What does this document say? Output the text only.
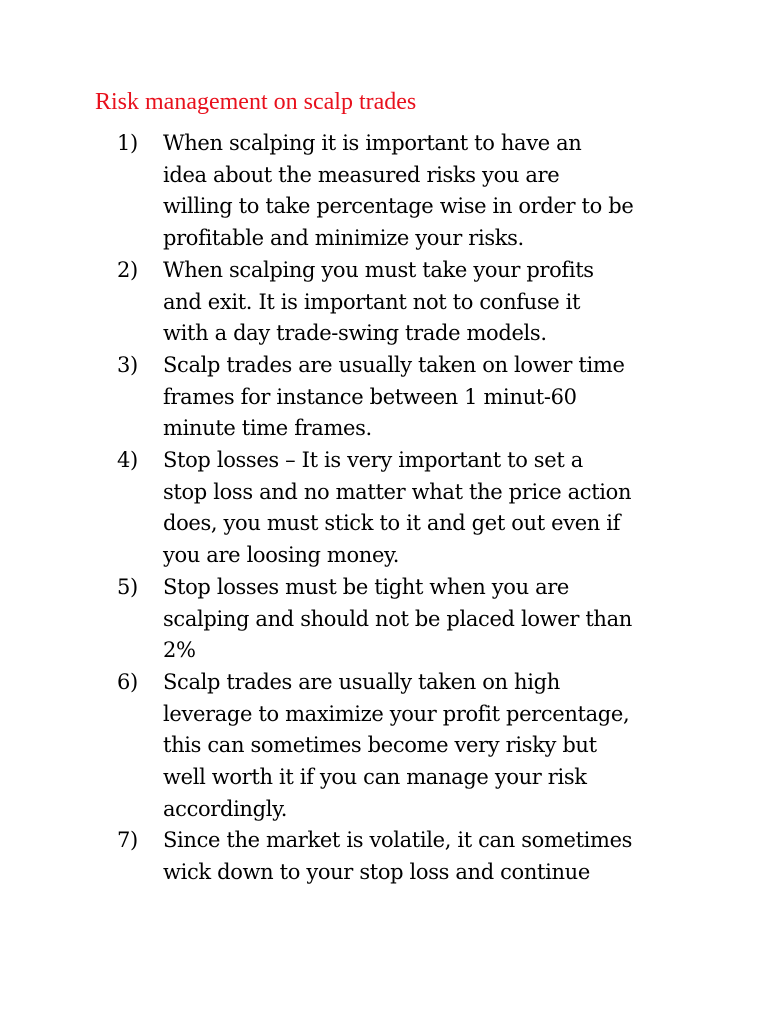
Risk management on scalp trades
1) When scalping it is important to have an
idea about the measured risks you are
willing to take percentage wise in order to be
profitable and minimize your risks.
2) When scalping you must take your profits
and exit. It is important not to confuse it
with a day trade-swing trade models.
3) Scalp trades are usually taken on lower time
frames for instance between 1 minut-60
minute time frames.
4) Stop losses – It is very important to set a
stop loss and no matter what the price action
does, you must stick to it and get out even if
you are loosing money.
5) Stop losses must be tight when you are
scalping and should not be placed lower than
2%
6) Scalp trades are usually taken on high
leverage to maximize your profit percentage,
this can sometimes become very risky but
well worth it if you can manage your risk
accordingly.
7) Since the market is volatile, it can sometimes
wick down to your stop loss and continue
